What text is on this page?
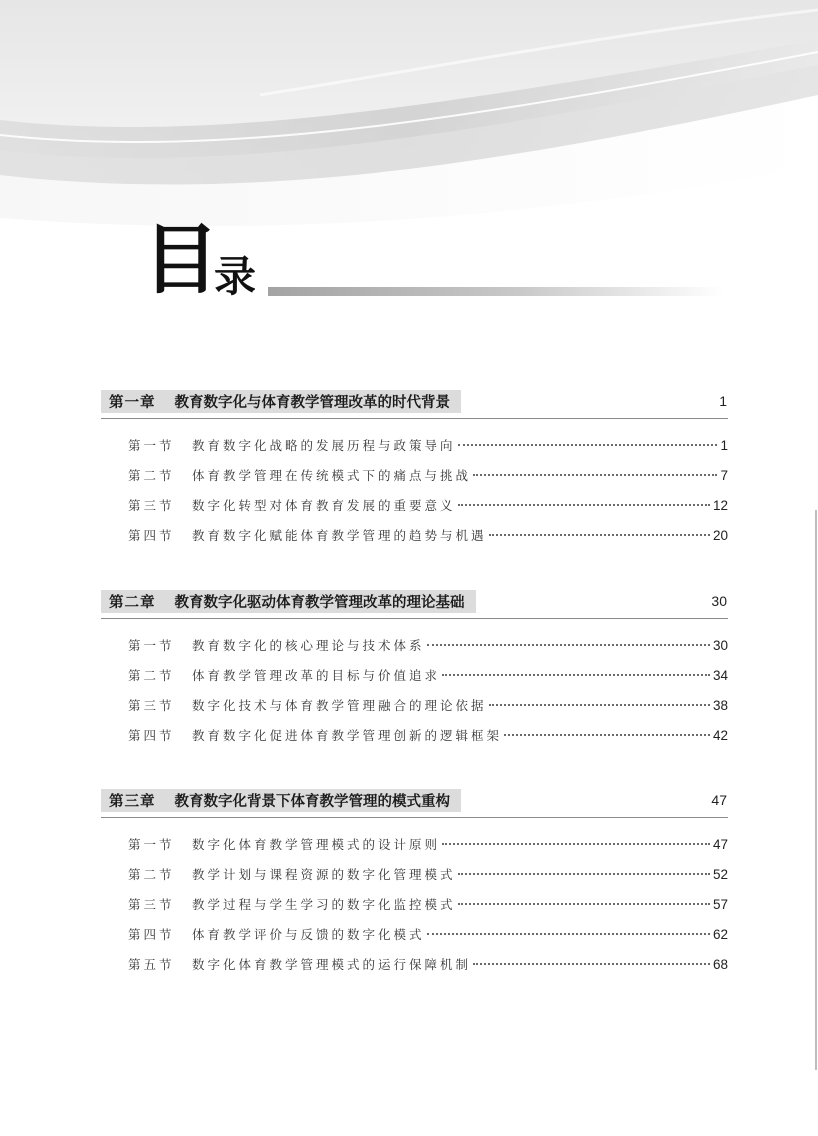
目
录
第一章 教育数字化与体育教学管理改革的时代背景	1
第一节	教育数字化战略的发展历程与政策导向	1
第二节	体育教学管理在传统模式下的痛点与挑战	7
第三节	数字化转型对体育教育发展的重要意义	12
第四节	教育数字化赋能体育教学管理的趋势与机遇	20
第二章 教育数字化驱动体育教学管理改革的理论基础	30
第一节	教育数字化的核心理论与技术体系	30
第二节	体育教学管理改革的目标与价值追求	34
第三节	数字化技术与体育教学管理融合的理论依据	38
第四节	教育数字化促进体育教学管理创新的逻辑框架	42
第三章 教育数字化背景下体育教学管理的模式重构	47
第一节	数字化体育教学管理模式的设计原则	47
第二节	教学计划与课程资源的数字化管理模式	52
第三节	教学过程与学生学习的数字化监控模式	57
第四节	体育教学评价与反馈的数字化模式	62
第五节	数字化体育教学管理模式的运行保障机制	68
